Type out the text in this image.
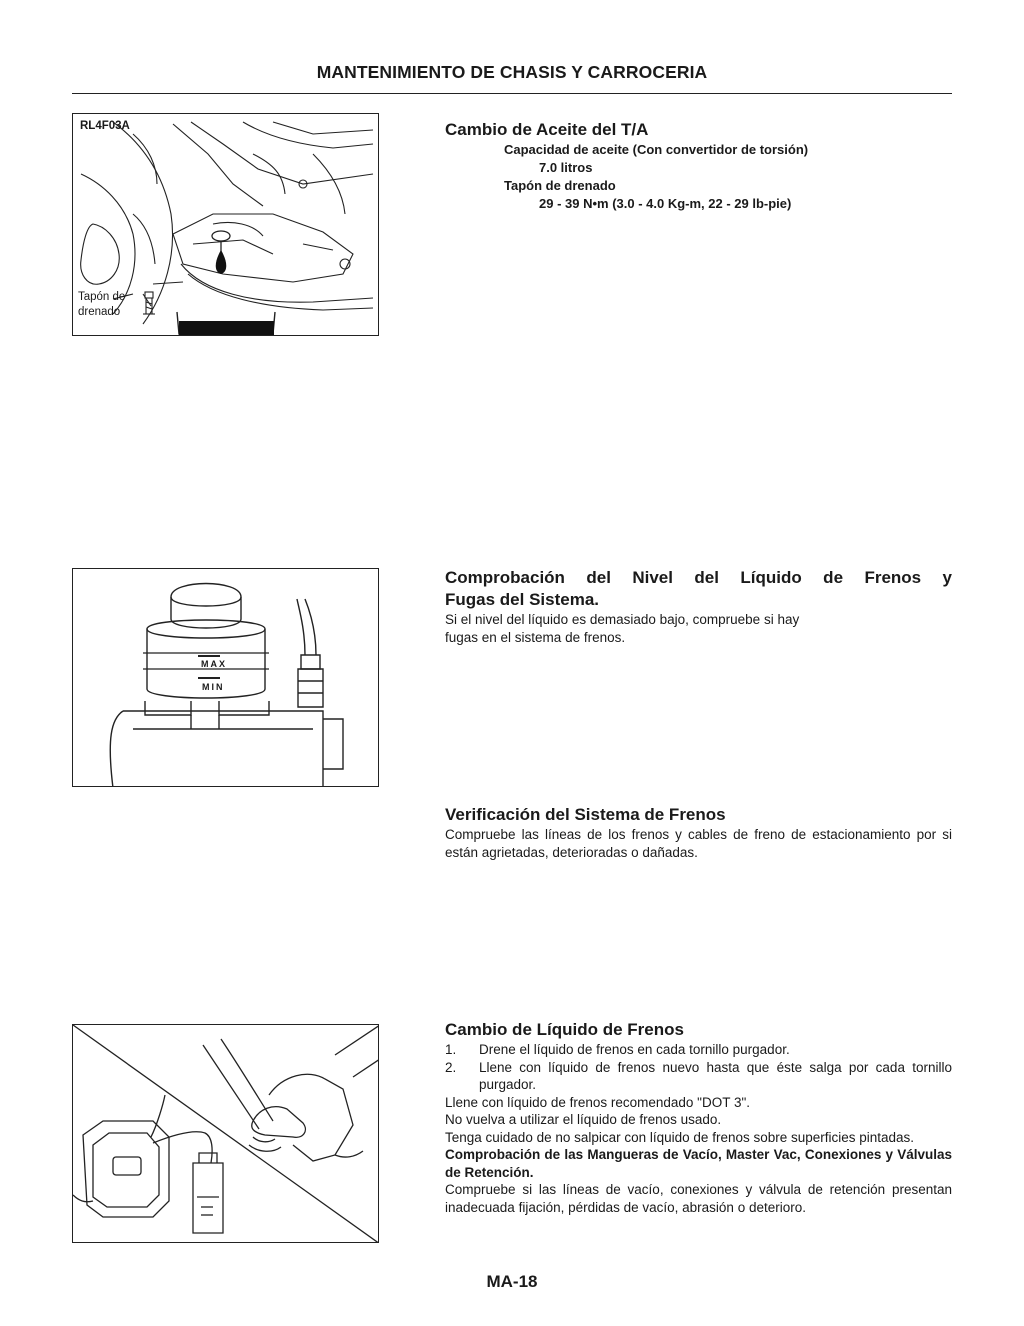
MANTENIMIENTO DE CHASIS Y CARROCERIA
RL4F03A
Tapón de
drenado
Cambio de Aceite del T/A
Capacidad de aceite (Con convertidor de torsión)
7.0 litros
Tapón de drenado
29 - 39 N•m (3.0 - 4.0 Kg-m, 22 - 29 lb-pie)
MAX
MIN
Comprobación del Nivel del Líquido de Frenos y
Fugas del Sistema.
Si el nivel del líquido es demasiado bajo, compruebe si hay fugas en el sistema de frenos.
Verificación del Sistema de Frenos
Compruebe las líneas de los frenos y cables de freno de estacionamiento por si están agrietadas, deterioradas o dañadas.
Cambio de Líquido de Frenos
1. Drene el líquido de frenos en cada tornillo purgador.
2. Llene con líquido de frenos nuevo hasta que éste salga por cada tornillo purgador.
Llene con líquido de frenos recomendado "DOT 3".
No vuelva a utilizar el líquido de frenos usado.
Tenga cuidado de no salpicar con líquido de frenos sobre superficies pintadas.
Comprobación de las Mangueras de Vacío, Master Vac, Conexiones y Válvulas de Retención.
Compruebe si las líneas de vacío, conexiones y válvula de retención presentan inadecuada fijación, pérdidas de vacío, abrasión o deterioro.
MA-18
